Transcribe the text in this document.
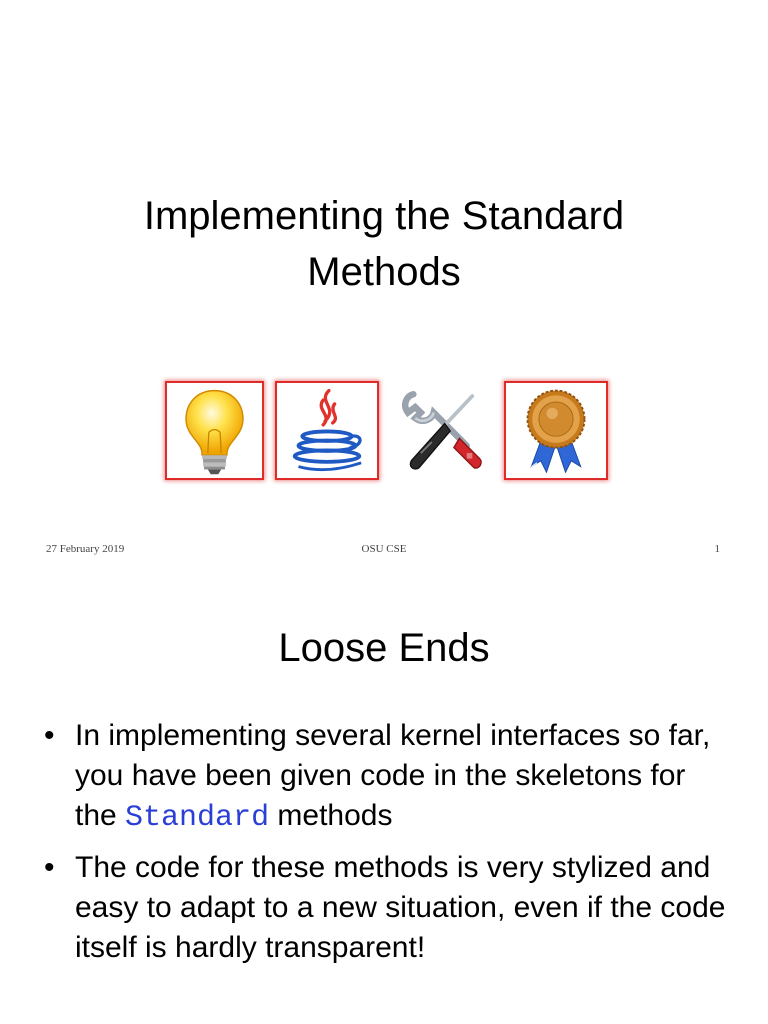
Implementing the Standard
Methods
27 February 2019	OSU CSE	1
Loose Ends
• In implementing several kernel interfaces so far, you have been given code in the skeletons for the Standard methods
• The code for these methods is very stylized and easy to adapt to a new situation, even if the code itself is hardly transparent!
